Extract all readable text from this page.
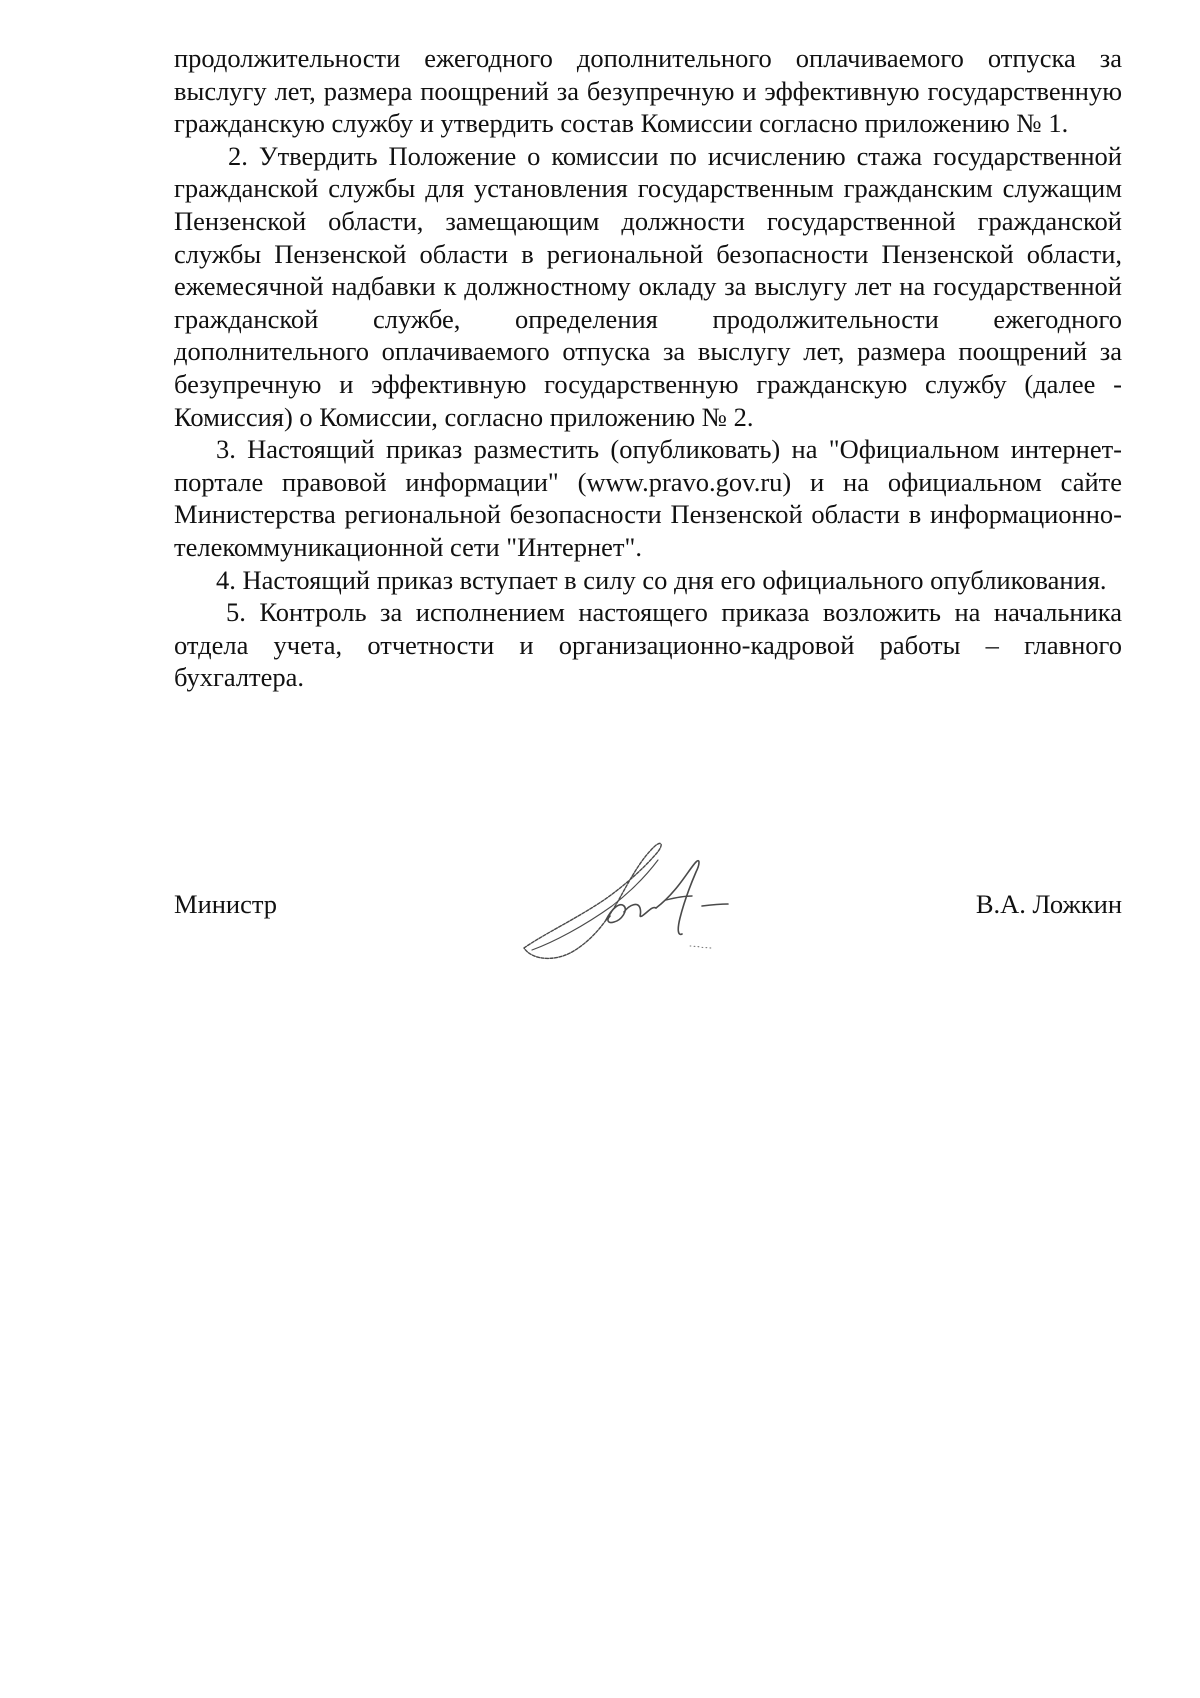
продолжительности ежегодного дополнительного оплачиваемого отпуска за выслугу лет, размера поощрений за безупречную и эффективную государственную гражданскую службу и утвердить состав Комиссии согласно приложению № 1.

2. Утвердить Положение о комиссии по исчислению стажа государственной гражданской службы для установления государственным гражданским служащим Пензенской области, замещающим должности государственной гражданской службы Пензенской области в региональной безопасности Пензенской области, ежемесячной надбавки к должностному окладу за выслугу лет на государственной гражданской службе, определения продолжительности ежегодного дополнительного оплачиваемого отпуска за выслугу лет, размера поощрений за безупречную и эффективную государственную гражданскую службу (далее - Комиссия) о Комиссии, согласно приложению № 2.

3. Настоящий приказ разместить (опубликовать) на "Официальном интернет-портале правовой информации" (www.pravo.gov.ru) и на официальном сайте Министерства региональной безопасности Пензенской области в информационно-телекоммуникационной сети "Интернет".

4. Настоящий приказ вступает в силу со дня его официального опубликования.

5. Контроль за исполнением настоящего приказа возложить на начальника отдела учета, отчетности и организационно-кадровой работы – главного бухгалтера.

Министр	В.А. Ложкин
